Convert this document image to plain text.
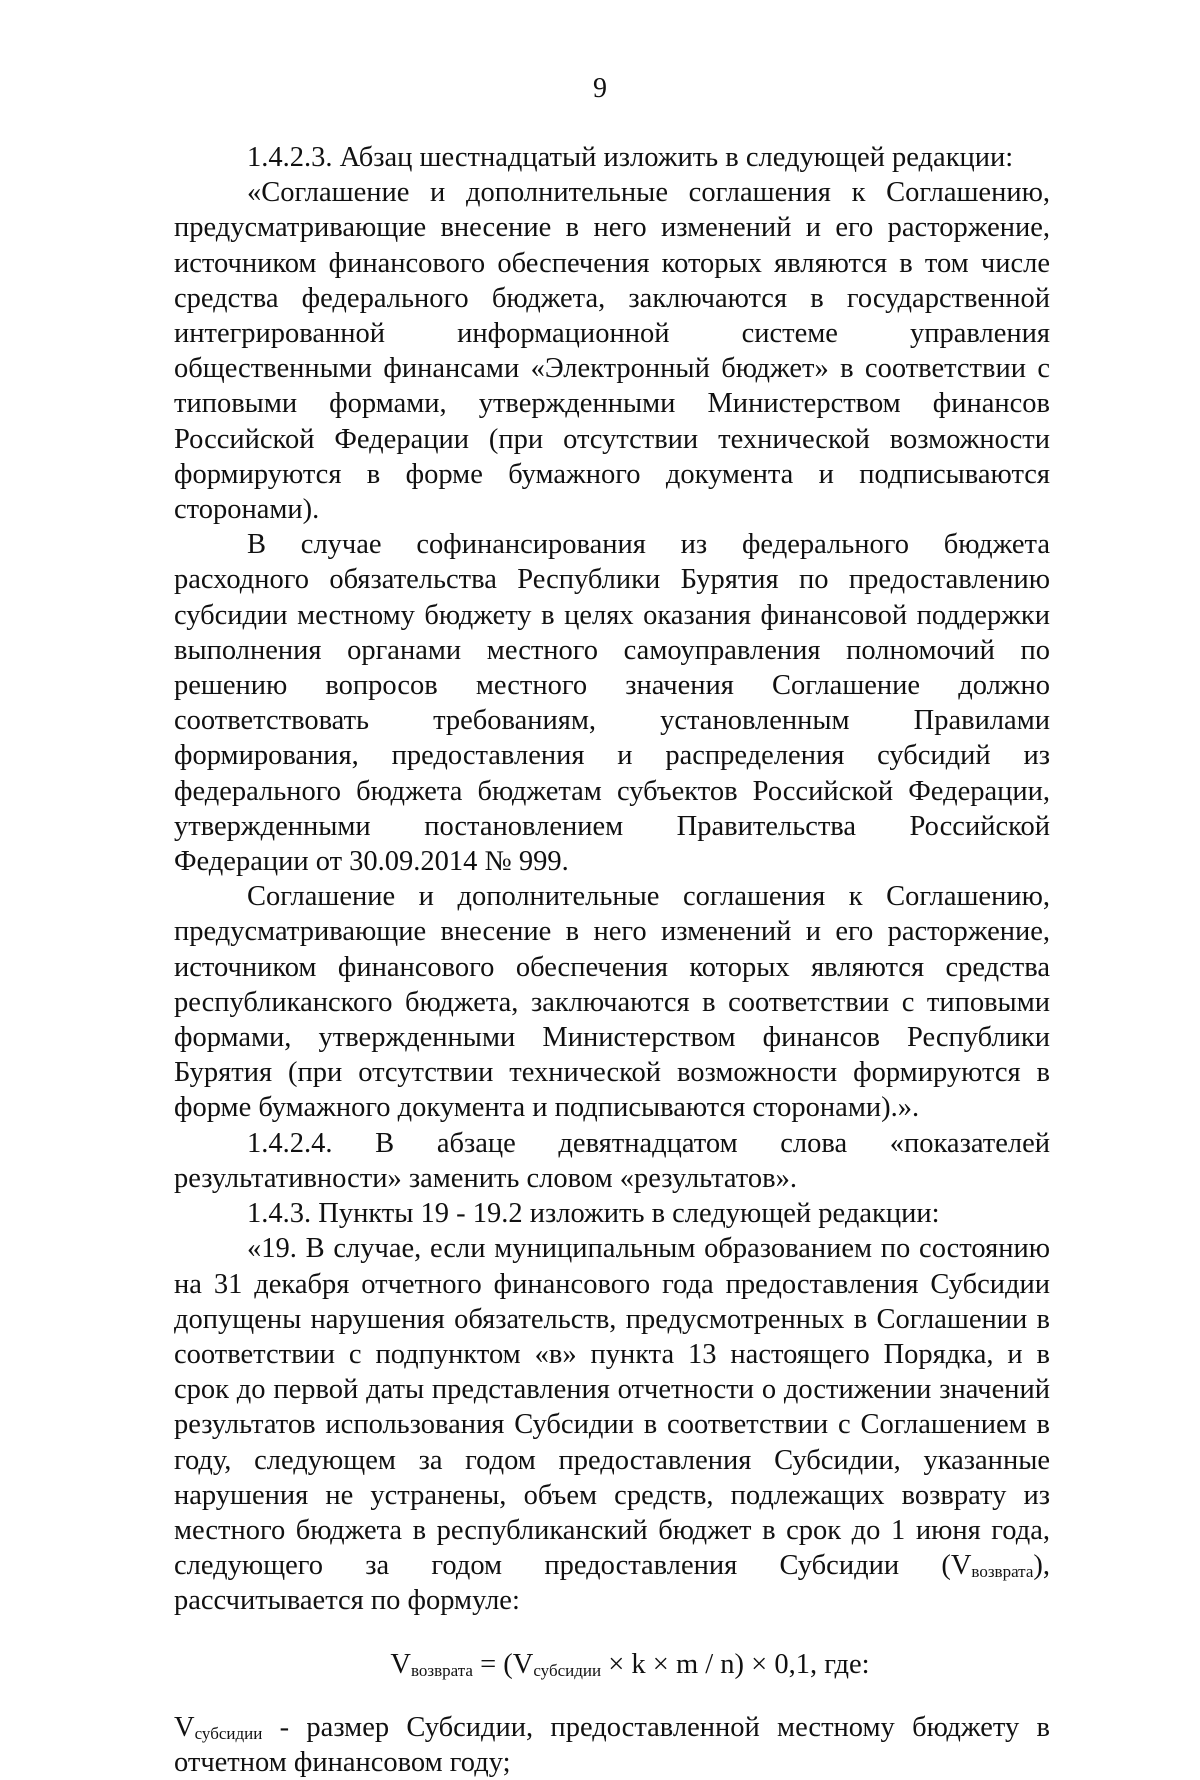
9

1.4.2.3. Абзац шестнадцатый изложить в следующей редакции:

«Соглашение и дополнительные соглашения к Соглашению, предусматривающие внесение в него изменений и его расторжение, источником финансового обеспечения которых являются в том числе средства федерального бюджета, заключаются в государственной интегрированной информационной системе управления общественными финансами «Электронный бюджет» в соответствии с типовыми формами, утвержденными Министерством финансов Российской Федерации (при отсутствии технической возможности формируются в форме бумажного документа и подписываются сторонами).

В случае софинансирования из федерального бюджета расходного обязательства Республики Бурятия по предоставлению субсидии местному бюджету в целях оказания финансовой поддержки выполнения органами местного самоуправления полномочий по решению вопросов местного значения Соглашение должно соответствовать требованиям, установленным Правилами формирования, предоставления и распределения субсидий из федерального бюджета бюджетам субъектов Российской Федерации, утвержденными постановлением Правительства Российской Федерации от 30.09.2014 № 999.

Соглашение и дополнительные соглашения к Соглашению, предусматривающие внесение в него изменений и его расторжение, источником финансового обеспечения которых являются средства республиканского бюджета, заключаются в соответствии с типовыми формами, утвержденными Министерством финансов Республики Бурятия (при отсутствии технической возможности формируются в форме бумажного документа и подписываются сторонами).».

1.4.2.4. В абзаце девятнадцатом слова «показателей результативности» заменить словом «результатов».

1.4.3. Пункты 19 - 19.2 изложить в следующей редакции:

«19. В случае, если муниципальным образованием по состоянию на 31 декабря отчетного финансового года предоставления Субсидии допущены нарушения обязательств, предусмотренных в Соглашении в соответствии с подпунктом «в» пункта 13 настоящего Порядка, и в срок до первой даты представления отчетности о достижении значений результатов использования Субсидии в соответствии с Соглашением в году, следующем за годом предоставления Субсидии, указанные нарушения не устранены, объем средств, подлежащих возврату из местного бюджета в республиканский бюджет в срок до 1 июня года, следующего за годом предоставления Субсидии $(V_{возврата})$, рассчитывается по формуле:

$V_{возврата} = (V_{субсидии} \times k \times m / n) \times 0,1$, где:

$V_{субсидии}$ - размер Субсидии, предоставленной местному бюджету в отчетном финансовом году;
